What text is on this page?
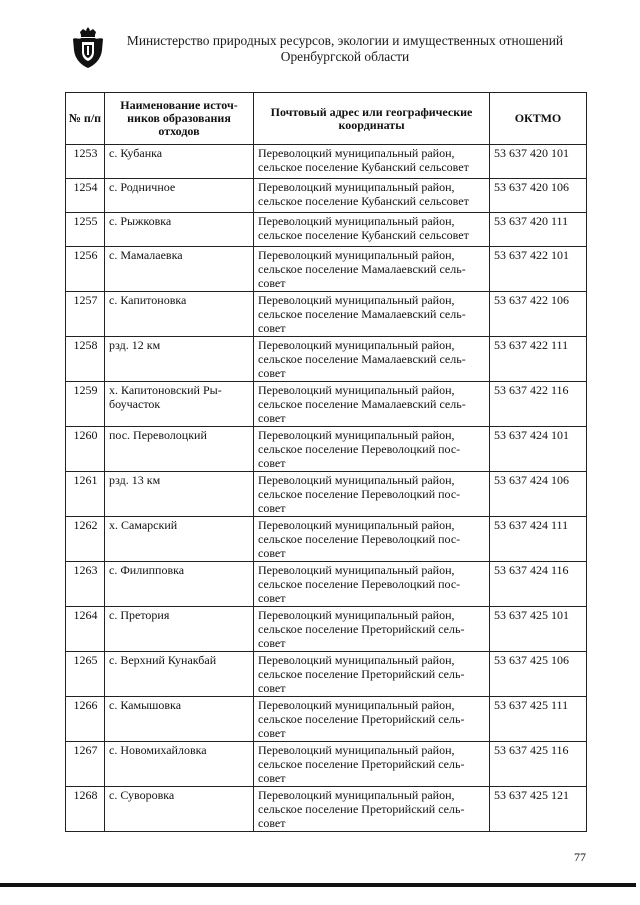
Министерство природных ресурсов, экологии и имущественных отношений
Оренбургской области
№ п/п	Наименование источ-ников образования отходов	Почтовый адрес или географические координаты	ОКТМО
1253	с. Кубанка	Переволоцкий муниципальный район, сельское поселение Кубанский сельсовет	53 637 420 101
1254	с. Родничное	Переволоцкий муниципальный район, сельское поселение Кубанский сельсовет	53 637 420 106
1255	с. Рыжковка	Переволоцкий муниципальный район, сельское поселение Кубанский сельсовет	53 637 420 111
1256	с. Мамалаевка	Переволоцкий муниципальный район, сельское поселение Мамалаевский сель-совет	53 637 422 101
1257	с. Капитоновка	Переволоцкий муниципальный район, сельское поселение Мамалаевский сель-совет	53 637 422 106
1258	рзд. 12 км	Переволоцкий муниципальный район, сельское поселение Мамалаевский сель-совет	53 637 422 111
1259	х. Капитоновский Ры-боучасток	Переволоцкий муниципальный район, сельское поселение Мамалаевский сель-совет	53 637 422 116
1260	пос. Переволоцкий	Переволоцкий муниципальный район, сельское поселение Переволоцкий пос-совет	53 637 424 101
1261	рзд. 13 км	Переволоцкий муниципальный район, сельское поселение Переволоцкий пос-совет	53 637 424 106
1262	х. Самарский	Переволоцкий муниципальный район, сельское поселение Переволоцкий пос-совет	53 637 424 111
1263	с. Филипповка	Переволоцкий муниципальный район, сельское поселение Переволоцкий пос-совет	53 637 424 116
1264	с. Претория	Переволоцкий муниципальный район, сельское поселение Преторийский сель-совет	53 637 425 101
1265	с. Верхний Кунакбай	Переволоцкий муниципальный район, сельское поселение Преторийский сель-совет	53 637 425 106
1266	с. Камышовка	Переволоцкий муниципальный район, сельское поселение Преторийский сель-совет	53 637 425 111
1267	с. Новомихайловка	Переволоцкий муниципальный район, сельское поселение Преторийский сель-совет	53 637 425 116
1268	с. Суворовка	Переволоцкий муниципальный район, сельское поселение Преторийский сель-совет	53 637 425 121
77
